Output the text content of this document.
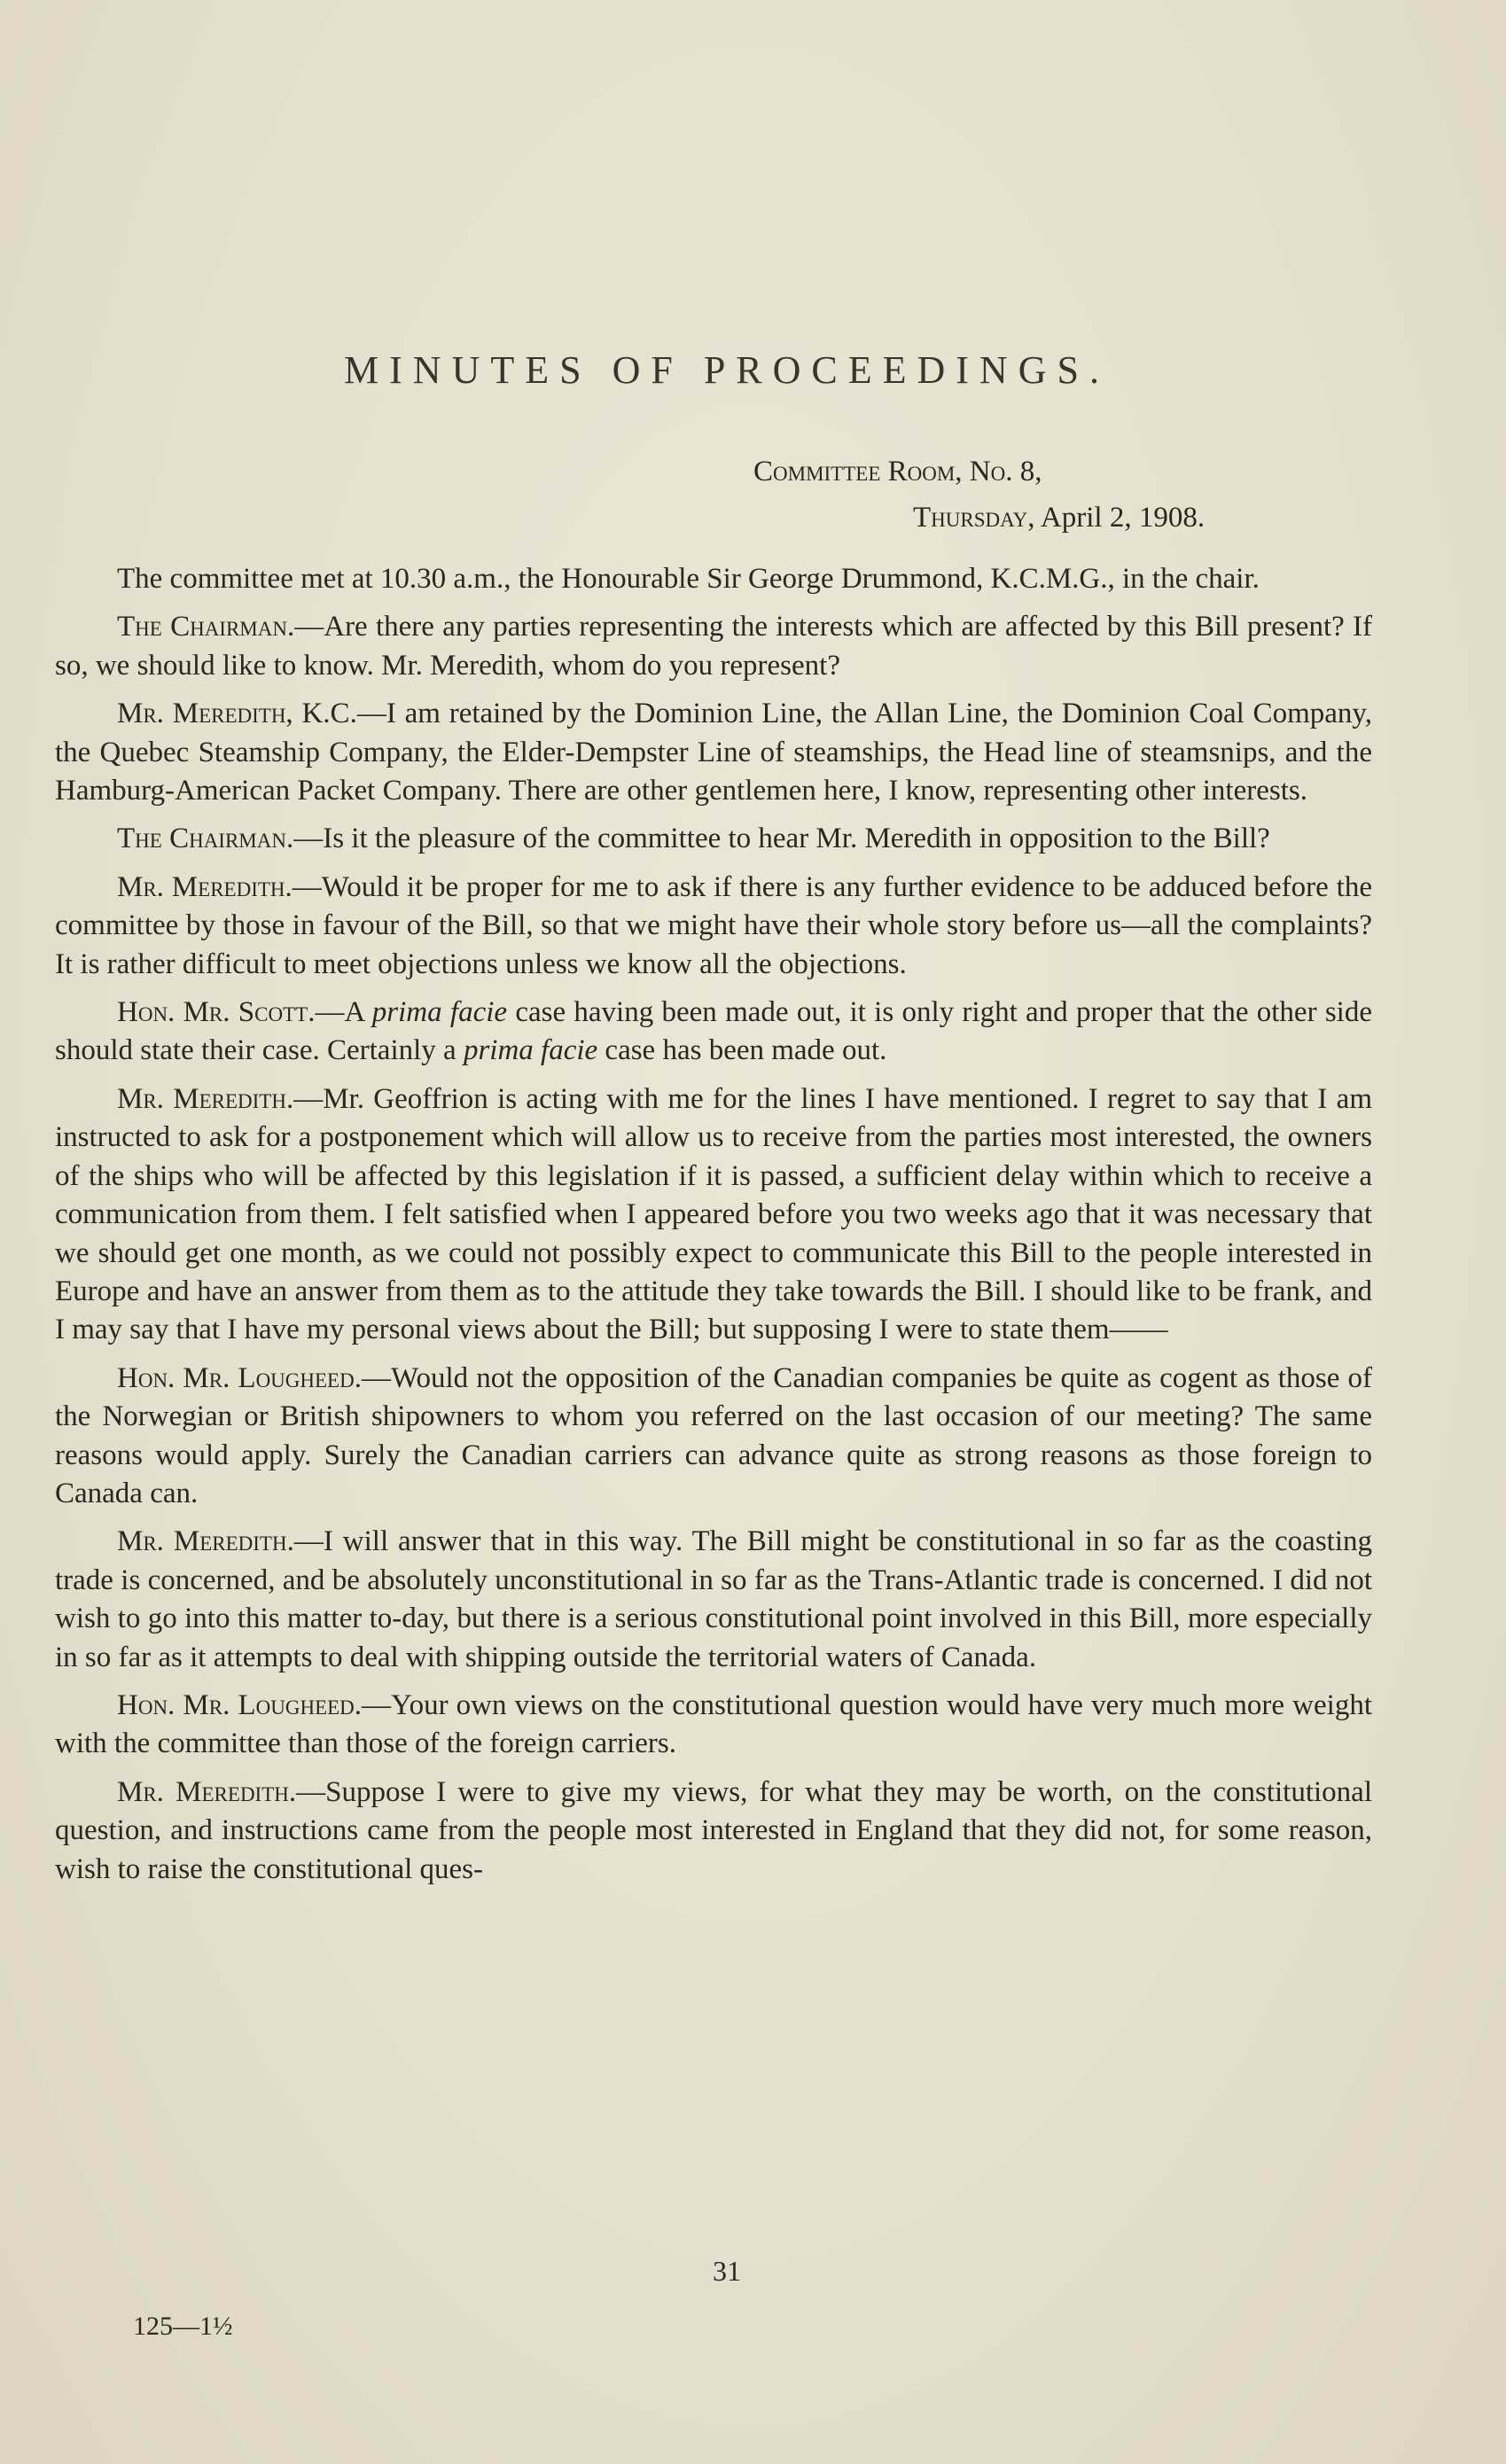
MINUTES OF PROCEEDINGS.
Committee Room, No. 8,
Thursday, April 2, 1908.

The committee met at 10.30 a.m., the Honourable Sir George Drummond, K.C.M.G., in the chair.

The Chairman.—Are there any parties representing the interests which are affected by this Bill present? If so, we should like to know. Mr. Meredith, whom do you represent?

Mr. Meredith, K.C.—I am retained by the Dominion Line, the Allan Line, the Dominion Coal Company, the Quebec Steamship Company, the Elder-Dempster Line of steamships, the Head line of steamsnips, and the Hamburg-American Packet Company. There are other gentlemen here, I know, representing other interests.

The Chairman.—Is it the pleasure of the committee to hear Mr. Meredith in opposition to the Bill?

Mr. Meredith.—Would it be proper for me to ask if there is any further evidence to be adduced before the committee by those in favour of the Bill, so that we might have their whole story before us—all the complaints? It is rather difficult to meet objections unless we know all the objections.

Hon. Mr. Scott.—A prima facie case having been made out, it is only right and proper that the other side should state their case. Certainly a prima facie case has been made out.

Mr. Meredith.—Mr. Geoffrion is acting with me for the lines I have mentioned. I regret to say that I am instructed to ask for a postponement which will allow us to receive from the parties most interested, the owners of the ships who will be affected by this legislation if it is passed, a sufficient delay within which to receive a communication from them. I felt satisfied when I appeared before you two weeks ago that it was necessary that we should get one month, as we could not possibly expect to communicate this Bill to the people interested in Europe and have an answer from them as to the attitude they take towards the Bill. I should like to be frank, and I may say that I have my personal views about the Bill; but supposing I were to state them——

Hon. Mr. Lougheed.—Would not the opposition of the Canadian companies be quite as cogent as those of the Norwegian or British shipowners to whom you referred on the last occasion of our meeting? The same reasons would apply. Surely the Canadian carriers can advance quite as strong reasons as those foreign to Canada can.

Mr. Meredith.—I will answer that in this way. The Bill might be constitutional in so far as the coasting trade is concerned, and be absolutely unconstitutional in so far as the Trans-Atlantic trade is concerned. I did not wish to go into this matter to-day, but there is a serious constitutional point involved in this Bill, more especially in so far as it attempts to deal with shipping outside the territorial waters of Canada.

Hon. Mr. Lougheed.—Your own views on the constitutional question would have very much more weight with the committee than those of the foreign carriers.

Mr. Meredith.—Suppose I were to give my views, for what they may be worth, on the constitutional question, and instructions came from the people most interested in England that they did not, for some reason, wish to raise the constitutional ques-

31
125—1½
